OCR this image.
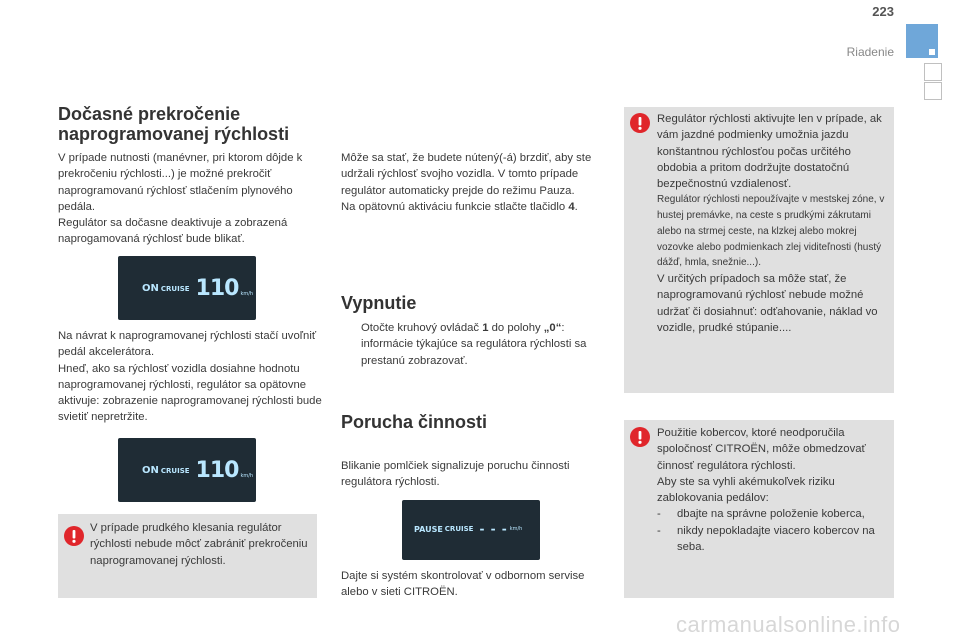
223
Riadenie
Dočasné prekročenie
naprogramovanej rýchlosti

V prípade nutnosti (manévner, pri ktorom dôjde k prekročeniu rýchlosti...) je možné prekročiť naprogramovanú rýchlosť stlačením plynového pedála.

Regulátor sa dočasne deaktivuje a zobrazená naprogamovaná rýchlosť bude blikať.

ON CRUISE 110 km/h

Na návrat k naprogramovanej rýchlosti stačí uvoľniť pedál akcelerátora.

Hneď, ako sa rýchlosť vozidla dosiahne hodnotu naprogramovanej rýchlosti, regulátor sa opätovne aktivuje: zobrazenie naprogramovanej rýchlosti bude svietiť nepretržite.

ON CRUISE 110 km/h

V prípade prudkého klesania regulátor rýchlosti nebude môcť zabrániť prekročeniu naprogramovanej rýchlosti.

Môže sa stať, že budete nútený(-á) brzdiť, aby ste udržali rýchlosť svojho vozidla. V tomto prípade regulátor automaticky prejde do režimu Pauza.

Na opätovnú aktiváciu funkcie stlačte tlačidlo 4.

Vypnutie

Otočte kruhový ovládač 1 do polohy „0“: informácie týkajúce sa regulátora rýchlosti sa prestanú zobrazovať.

Porucha činnosti

Blikanie pomlčiek signalizuje poruchu činnosti regulátora rýchlosti.

PAUSE CRUISE - - - km/h

Dajte si systém skontrolovať v odbornom servise alebo v sieti CITROËN.

Regulátor rýchlosti aktivujte len v prípade, ak vám jazdné podmienky umožnia jazdu konštantnou rýchlosťou počas určitého obdobia a pritom dodržujte dostatočnú bezpečnostnú vzdialenosť.

Regulátor rýchlosti nepoužívajte v mestskej zóne, v hustej premávke, na ceste s prudkými zákrutami alebo na strmej ceste, na klzkej alebo mokrej vozovke alebo podmienkach zlej viditeľnosti (hustý dážď, hmla, snežnie...).

V určitých prípadoch sa môže stať, že naprogramovanú rýchlosť nebude možné udržať či dosiahnuť: odťahovanie, náklad vo vozidle, prudké stúpanie....

Použitie kobercov, ktoré neodporučila spoločnosť CITROËN, môže obmedzovať činnosť regulátora rýchlosti.

Aby ste sa vyhli akémukoľvek riziku zablokovania pedálov:

-	dbajte na správne položenie koberca,

-	nikdy nepokladajte viacero kobercov na seba.

carmanualsonline.info
